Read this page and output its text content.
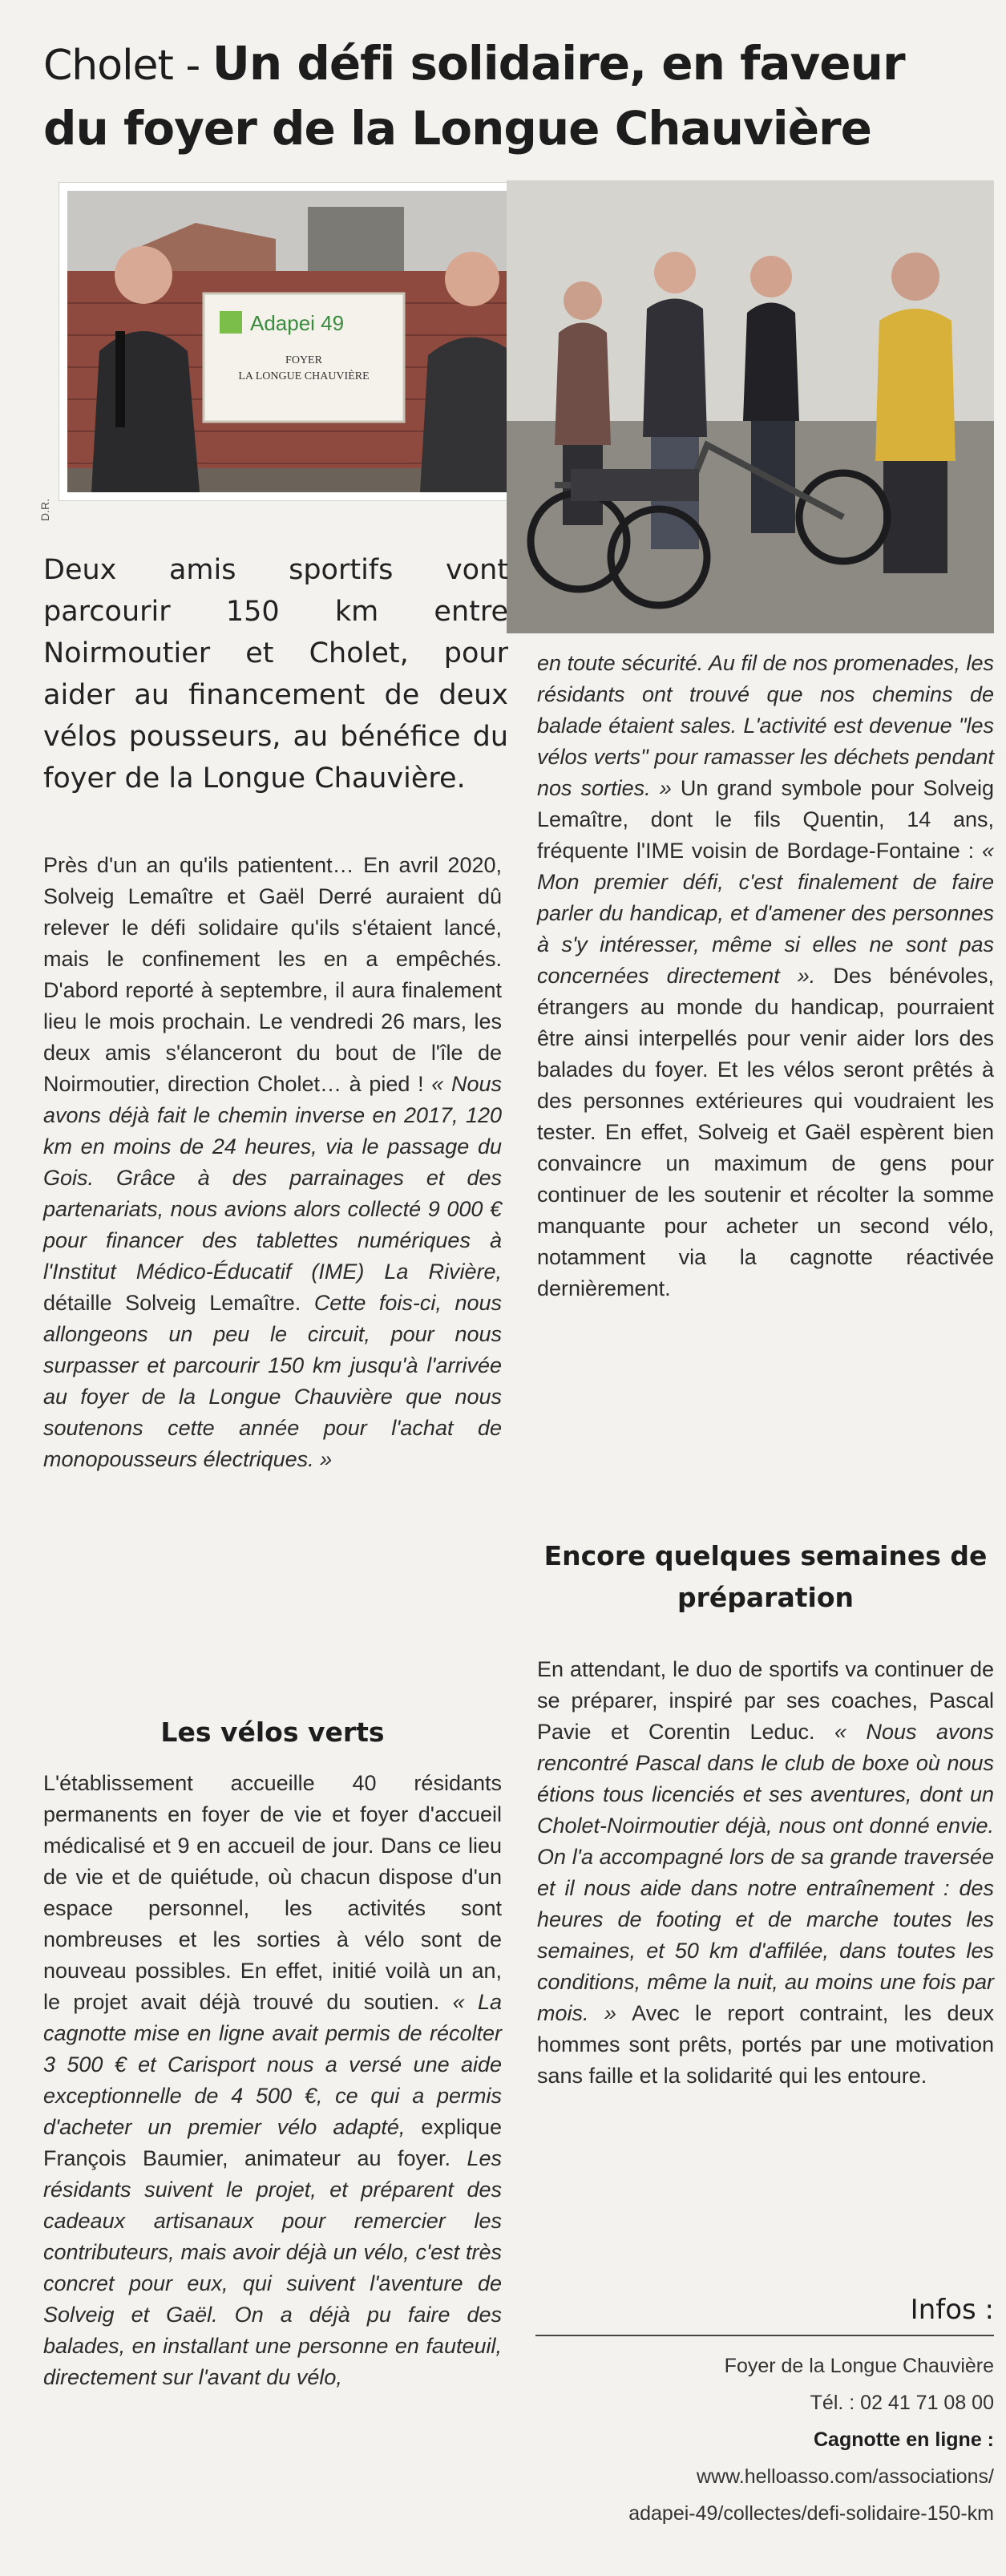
Cholet - Un défi solidaire, en faveur du foyer de la Longue Chauvière
Adapei 49
FOYER
LA LONGUE CHAUVIÈRE
D.R.
Deux amis sportifs vont parcourir 150 km entre Noirmoutier et Cholet, pour aider au financement de deux vélos pousseurs, au bénéfice du foyer de la Longue Chauvière.

Près d'un an qu'ils patientent… En avril 2020, Solveig Lemaître et Gaël Derré auraient dû relever le défi solidaire qu'ils s'étaient lancé, mais le confinement les en a empêchés. D'abord reporté à septembre, il aura finalement lieu le mois prochain. Le vendredi 26 mars, les deux amis s'élanceront du bout de l'île de Noirmoutier, direction Cholet… à pied ! « Nous avons déjà fait le chemin inverse en 2017, 120 km en moins de 24 heures, via le passage du Gois. Grâce à des parrainages et des partenariats, nous avions alors collecté 9 000 € pour financer des tablettes numériques à l'Institut Médico-Éducatif (IME) La Rivière, détaille Solveig Lemaître. Cette fois-ci, nous allongeons un peu le circuit, pour nous surpasser et parcourir 150 km jusqu'à l'arrivée au foyer de la Longue Chauvière que nous soutenons cette année pour l'achat de monopousseurs électriques. »

Les vélos verts

L'établissement accueille 40 résidants permanents en foyer de vie et foyer d'accueil médicalisé et 9 en accueil de jour. Dans ce lieu de vie et de quiétude, où chacun dispose d'un espace personnel, les activités sont nombreuses et les sorties à vélo sont de nouveau possibles. En effet, initié voilà un an, le projet avait déjà trouvé du soutien. « La cagnotte mise en ligne avait permis de récolter 3 500 € et Carisport nous a versé une aide exceptionnelle de 4 500 €, ce qui a permis d'acheter un premier vélo adapté, explique François Baumier, animateur au foyer. Les résidants suivent le projet, et préparent des cadeaux artisanaux pour remercier les contributeurs, mais avoir déjà un vélo, c'est très concret pour eux, qui suivent l'aventure de Solveig et Gaël. On a déjà pu faire des balades, en installant une personne en fauteuil, directement sur l'avant du vélo,

en toute sécurité. Au fil de nos promenades, les résidants ont trouvé que nos chemins de balade étaient sales. L'activité est devenue "les vélos verts" pour ramasser les déchets pendant nos sorties. » Un grand symbole pour Solveig Lemaître, dont le fils Quentin, 14 ans, fréquente l'IME voisin de Bordage-Fontaine : « Mon premier défi, c'est finalement de faire parler du handicap, et d'amener des personnes à s'y intéresser, même si elles ne sont pas concernées directement ». Des bénévoles, étrangers au monde du handicap, pourraient être ainsi interpellés pour venir aider lors des balades du foyer. Et les vélos seront prêtés à des personnes extérieures qui voudraient les tester. En effet, Solveig et Gaël espèrent bien convaincre un maximum de gens pour continuer de les soutenir et récolter la somme manquante pour acheter un second vélo, notamment via la cagnotte réactivée dernièrement.

Encore quelques semaines de préparation

En attendant, le duo de sportifs va continuer de se préparer, inspiré par ses coaches, Pascal Pavie et Corentin Leduc. « Nous avons rencontré Pascal dans le club de boxe où nous étions tous licenciés et ses aventures, dont un Cholet-Noirmoutier déjà, nous ont donné envie. On l'a accompagné lors de sa grande traversée et il nous aide dans notre entraînement : des heures de footing et de marche toutes les semaines, et 50 km d'affilée, dans toutes les conditions, même la nuit, au moins une fois par mois. » Avec le report contraint, les deux hommes sont prêts, portés par une motivation sans faille et la solidarité qui les entoure.

Infos :
Foyer de la Longue Chauvière
Tél. : 02 41 71 08 00
Cagnotte en ligne :
www.helloasso.com/associations/
adapei-49/collectes/defi-solidaire-150-km
